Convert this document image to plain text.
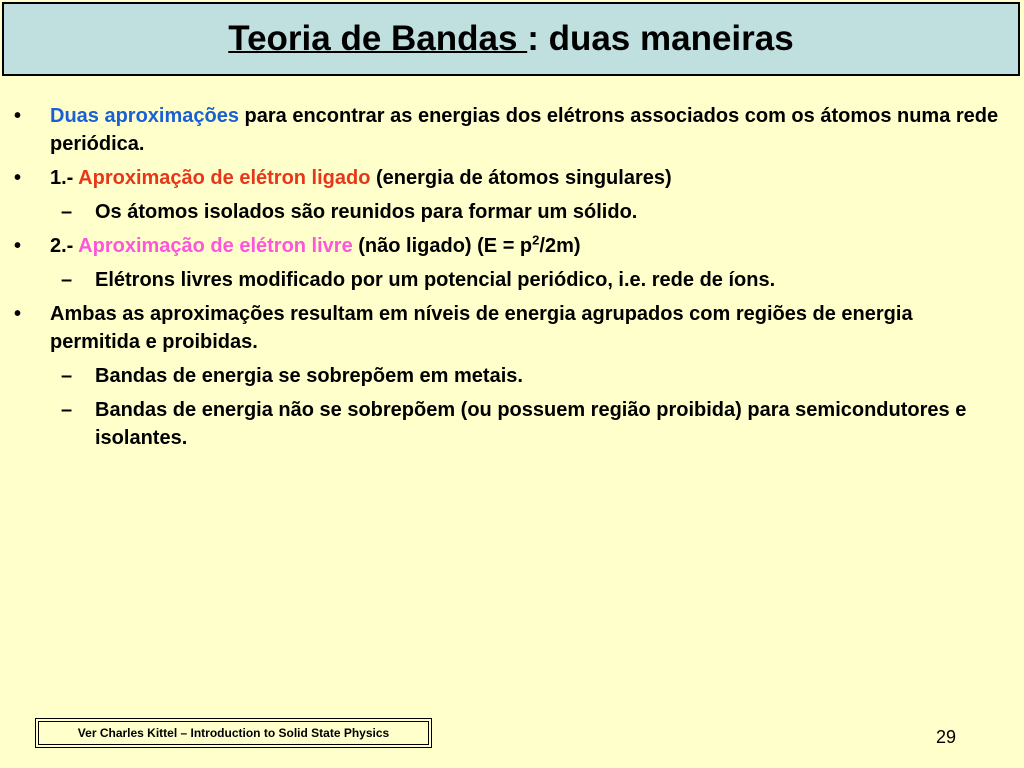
Teoria de Bandas : duas maneiras
• Duas aproximações para encontrar as energias dos elétrons associados com os átomos numa rede periódica.
• 1.- Aproximação de elétron ligado (energia de átomos singulares)
– Os átomos isolados são reunidos para formar um sólido.
• 2.- Aproximação de elétron livre (não ligado) $(E = p^2/2m)$
– Elétrons livres modificado por um potencial periódico, i.e. rede de íons.
• Ambas as aproximações resultam em níveis de energia agrupados com regiões de energia permitida e proibidas.
– Bandas de energia se sobrepõem em metais.
– Bandas de energia não se sobrepõem (ou possuem região proibida) para semicondutores e isolantes.
Ver Charles Kittel – Introduction to Solid State Physics	29
